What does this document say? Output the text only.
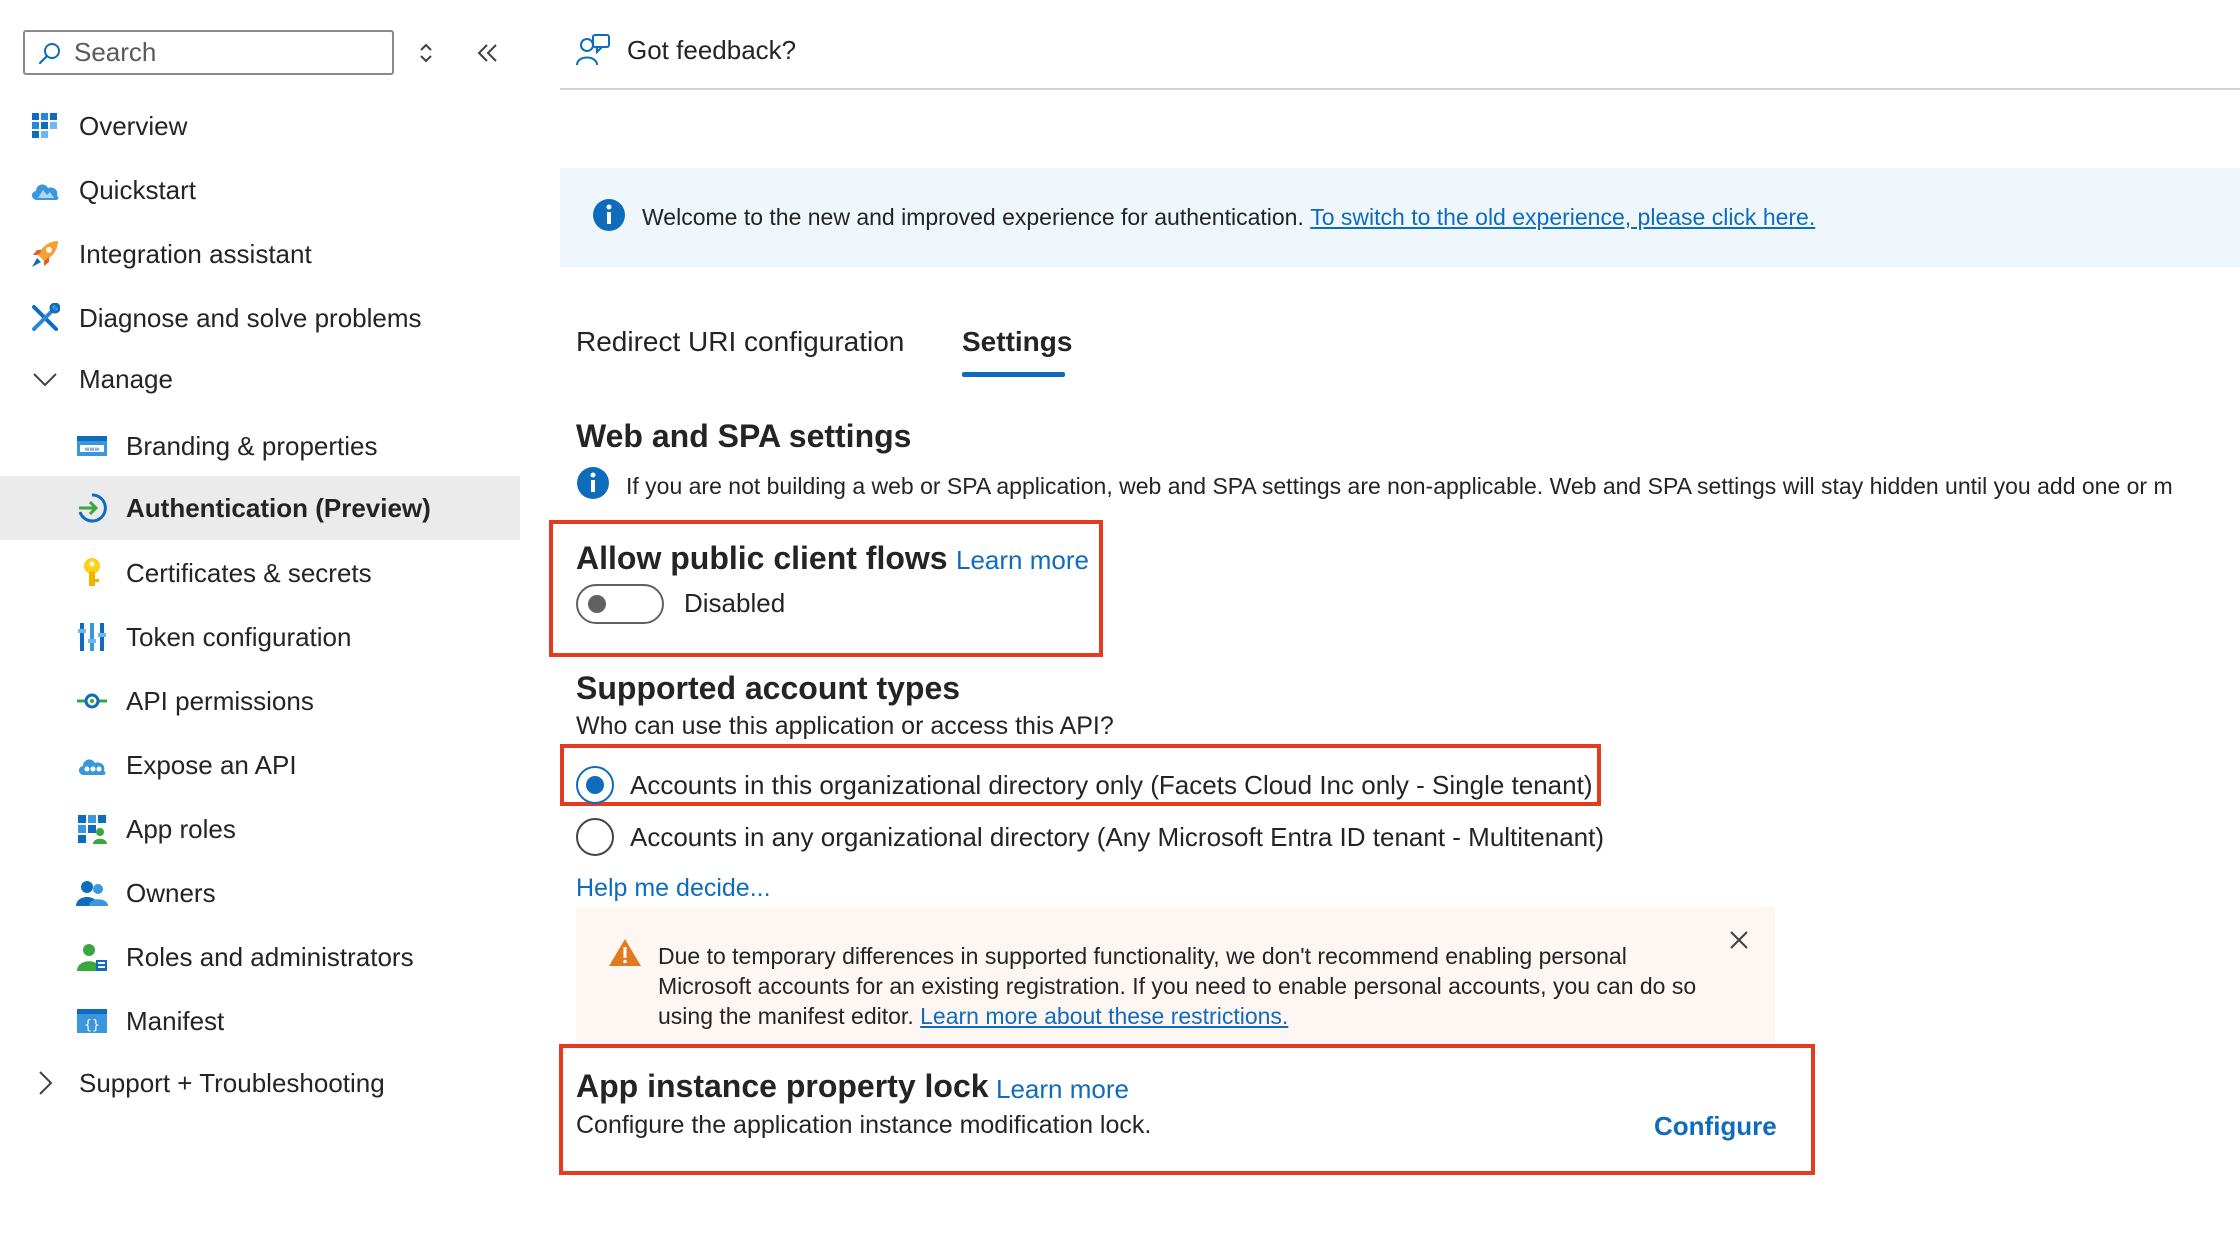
Search
Overview
Quickstart
Integration assistant
Diagnose and solve problems
Manage
www Branding & properties
Authentication (Preview)
Certificates & secrets
Token configuration
API permissions
Expose an API
App roles
Owners
Roles and administrators
{} Manifest
Support + Troubleshooting
Got feedback?
Welcome to the new and improved experience for authentication. To switch to the old experience, please click here.
Redirect URI configuration Settings
Web and SPA settings
If you are not building a web or SPA application, web and SPA settings are non-applicable. Web and SPA settings will stay hidden until you add one or m
Allow public client flows Learn more
Disabled
Supported account types
Who can use this application or access this API?
Accounts in this organizational directory only (Facets Cloud Inc only - Single tenant)
Accounts in any organizational directory (Any Microsoft Entra ID tenant - Multitenant)
Help me decide...
Due to temporary differences in supported functionality, we don't recommend enabling personal Microsoft accounts for an existing registration. If you need to enable personal accounts, you can do so using the manifest editor. Learn more about these restrictions.
App instance property lock Learn more
Configure the application instance modification lock.	Configure
